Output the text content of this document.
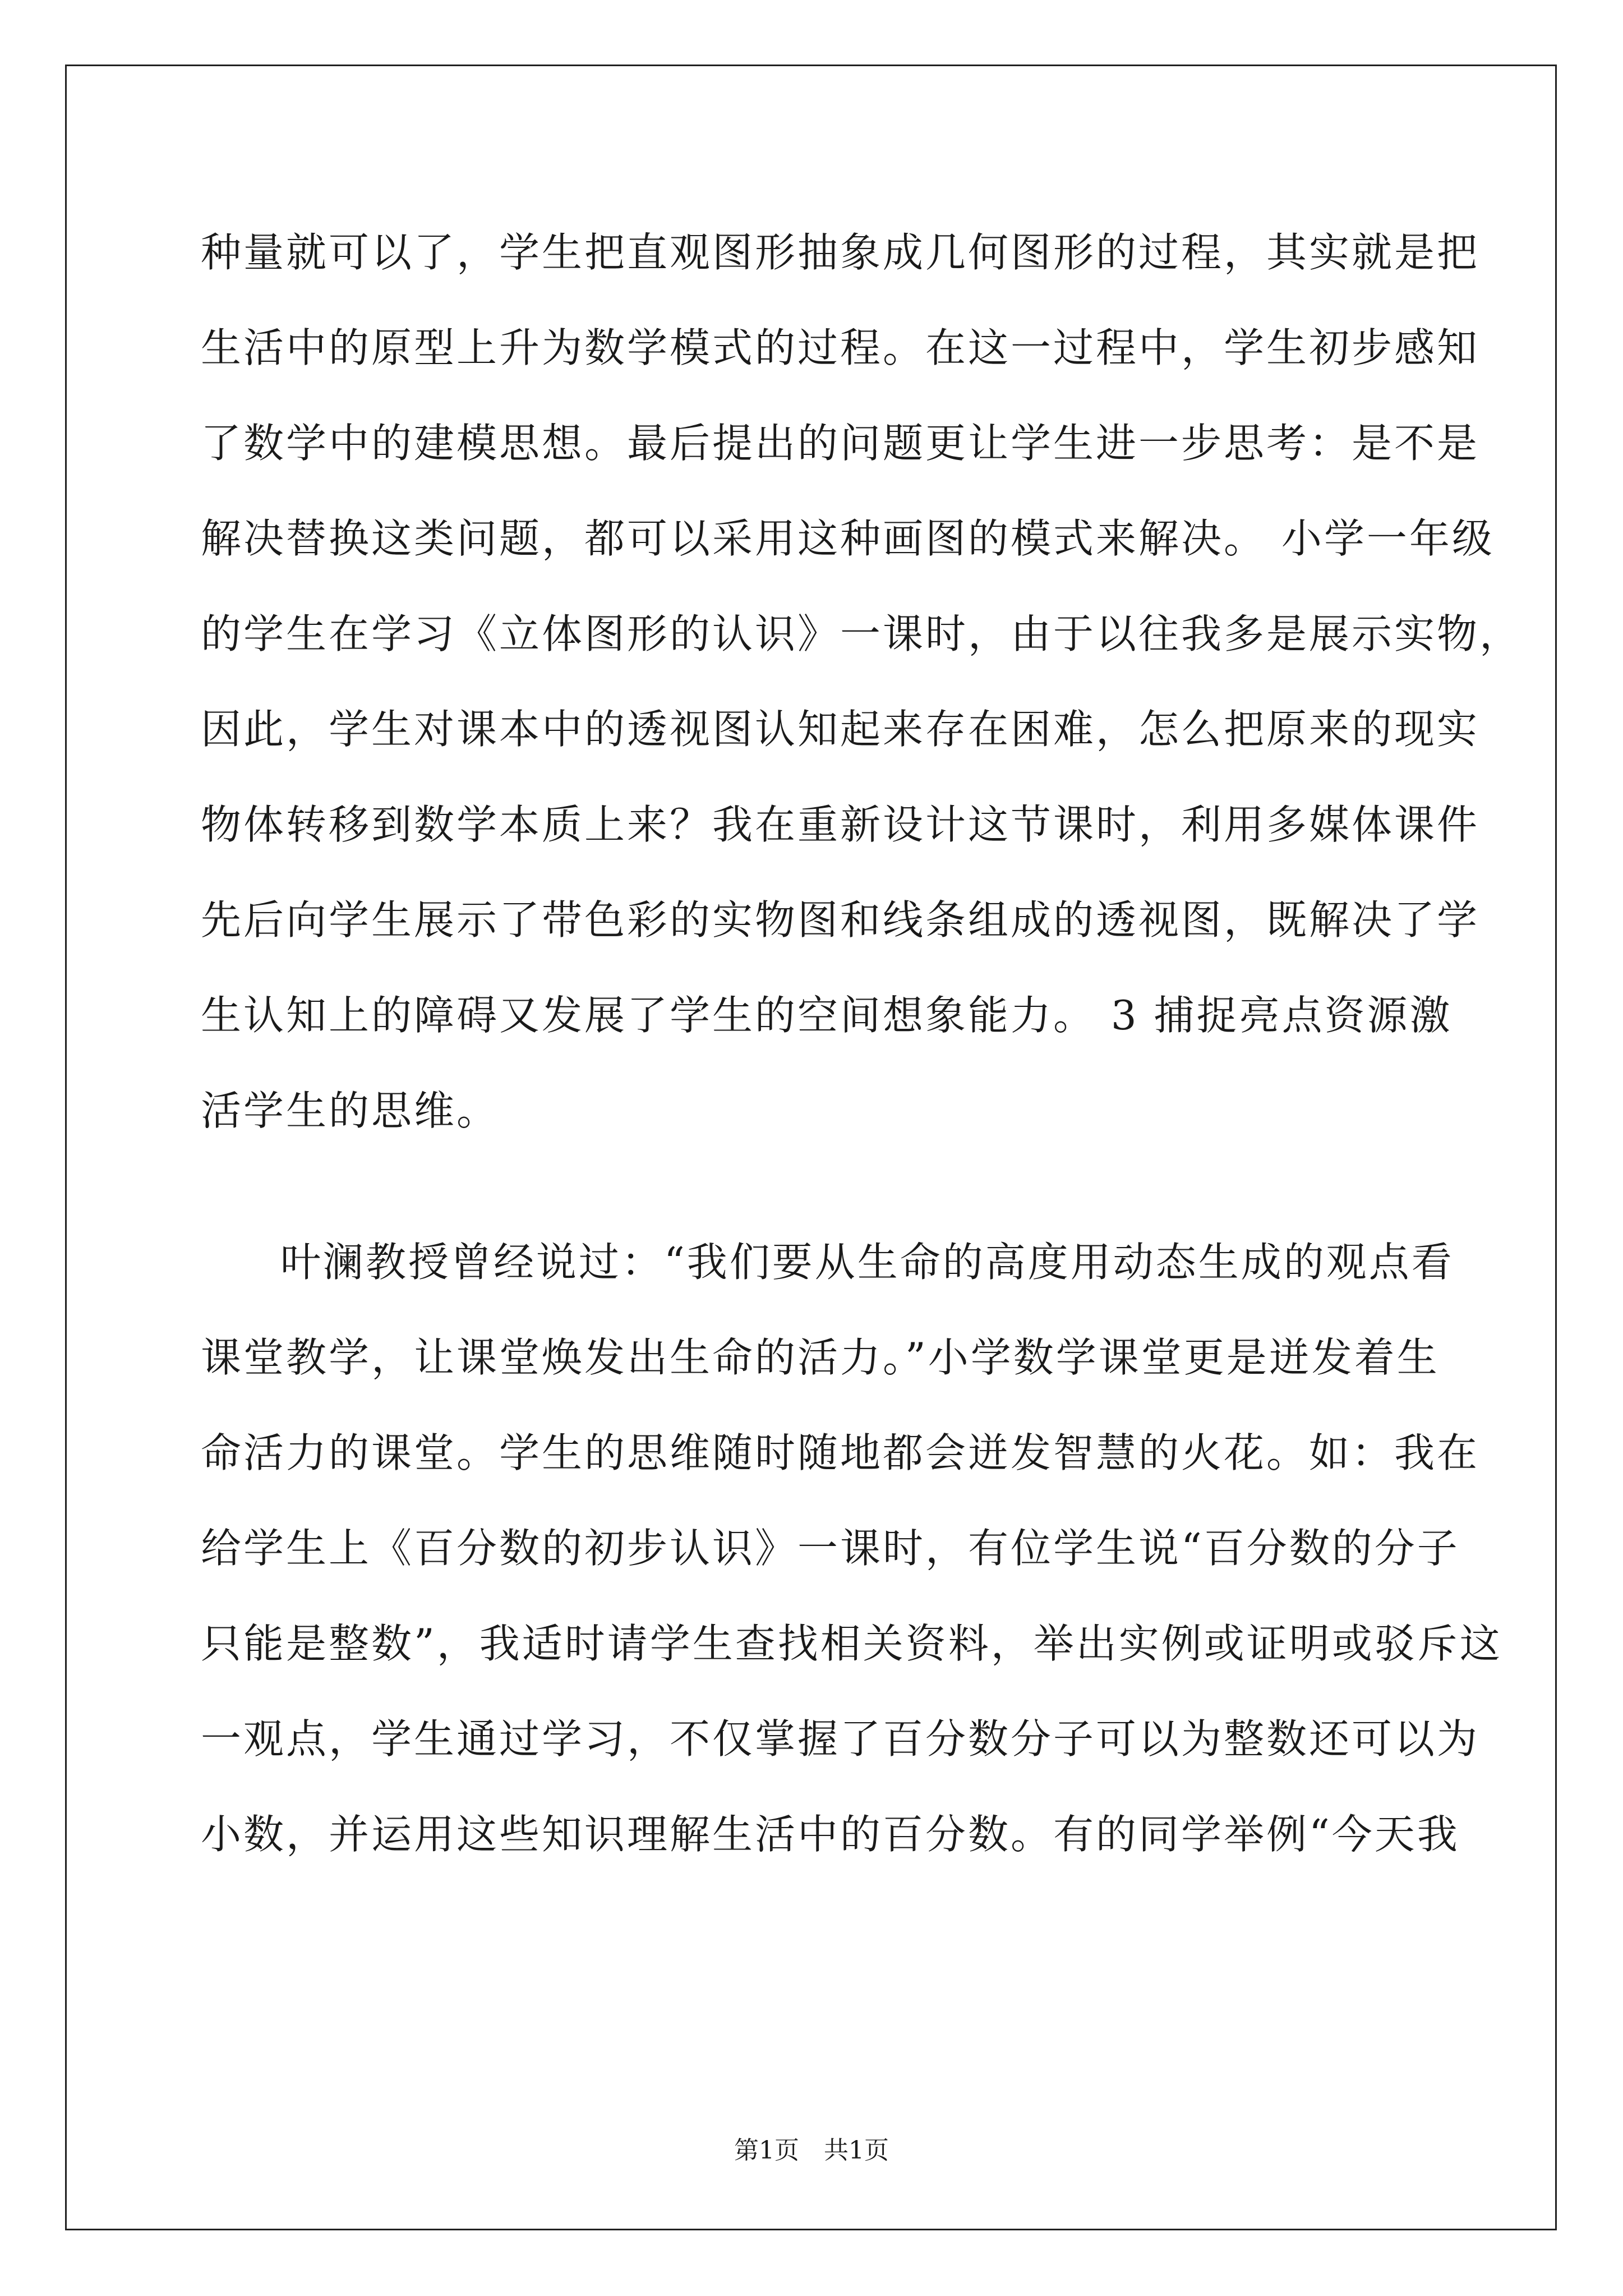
种量就可以了，学生把直观图形抽象成几何图形的过程，其实就是把

生活中的原型上升为数学模式的过程。在这一过程中，学生初步感知

了数学中的建模思想。最后提出的问题更让学生进一步思考：是不是

解决替换这类问题，都可以采用这种画图的模式来解决。 小学一年级

的学生在学习《立体图形的认识》一课时，由于以往我多是展示实物，

因此，学生对课本中的透视图认知起来存在困难，怎么把原来的现实

物体转移到数学本质上来？我在重新设计这节课时，利用多媒体课件

先后向学生展示了带色彩的实物图和线条组成的透视图，既解决了学

生认知上的障碍又发展了学生的空间想象能力。 3 捕捉亮点资源激

活学生的思维。

叶澜教授曾经说过：“我们要从生命的高度用动态生成的观点看

课堂教学，让课堂焕发出生命的活力。”小学数学课堂更是迸发着生

命活力的课堂。学生的思维随时随地都会迸发智慧的火花。如：我在

给学生上《百分数的初步认识》一课时，有位学生说“百分数的分子

只能是整数”，我适时请学生查找相关资料，举出实例或证明或驳斥这

一观点，学生通过学习，不仅掌握了百分数分子可以为整数还可以为

小数，并运用这些知识理解生活中的百分数。有的同学举例“今天我

第1页　共1页
